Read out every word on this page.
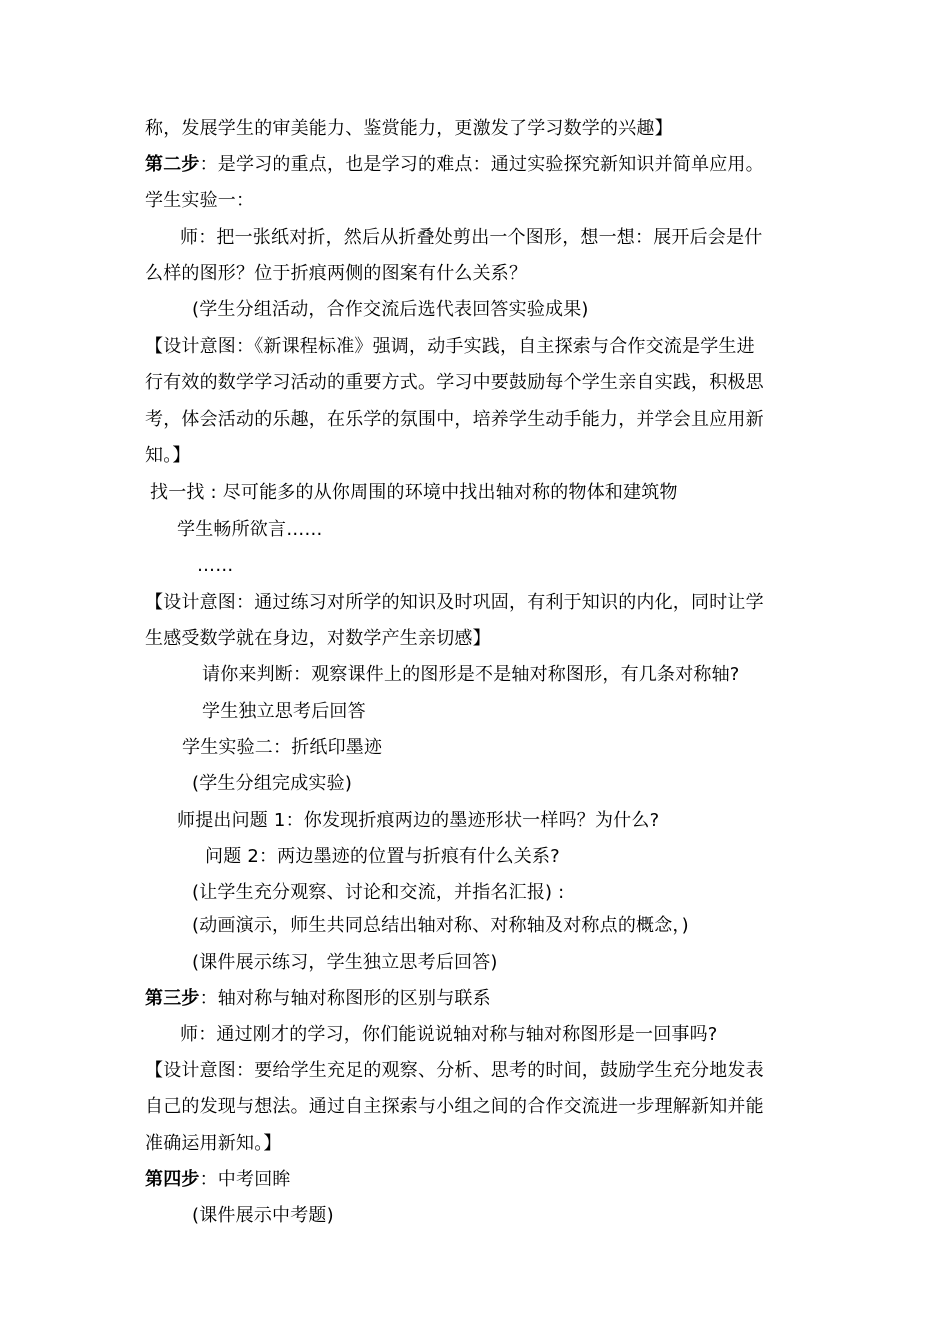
称，发展学生的审美能力、鉴赏能力，更激发了学习数学的兴趣】

第二步：是学习的重点，也是学习的难点：通过实验探究新知识并简单应用。

学生实验一：

师：把一张纸对折，然后从折叠处剪出一个图形，想一想：展开后会是什

么样的图形？位于折痕两侧的图案有什么关系？

(学生分组活动，合作交流后选代表回答实验成果)

【设计意图：《新课程标准》强调，动手实践，自主探索与合作交流是学生进

行有效的数学学习活动的重要方式。学习中要鼓励每个学生亲自实践，积极思

考，体会活动的乐趣，在乐学的氛围中，培养学生动手能力，并学会且应用新

知。】

找一找 : 尽可能多的从你周围的环境中找出轴对称的物体和建筑物

学生畅所欲言……

……

【设计意图：通过练习对所学的知识及时巩固，有利于知识的内化，同时让学

生感受数学就在身边，对数学产生亲切感】

请你来判断：观察课件上的图形是不是轴对称图形，有几条对称轴?

学生独立思考后回答

学生实验二：折纸印墨迹

(学生分组完成实验)

师提出问题 1：你发现折痕两边的墨迹形状一样吗？为什么?

问题 2：两边墨迹的位置与折痕有什么关系?

(让学生充分观察、讨论和交流，并指名汇报) :

(动画演示，师生共同总结出轴对称、对称轴及对称点的概念，)

(课件展示练习，学生独立思考后回答)

第三步：轴对称与轴对称图形的区别与联系

师：通过刚才的学习，你们能说说轴对称与轴对称图形是一回事吗?

【设计意图：要给学生充足的观察、分析、思考的时间，鼓励学生充分地发表

自己的发现与想法。通过自主探索与小组之间的合作交流进一步理解新知并能

准确运用新知。】

第四步：中考回眸

(课件展示中考题)
